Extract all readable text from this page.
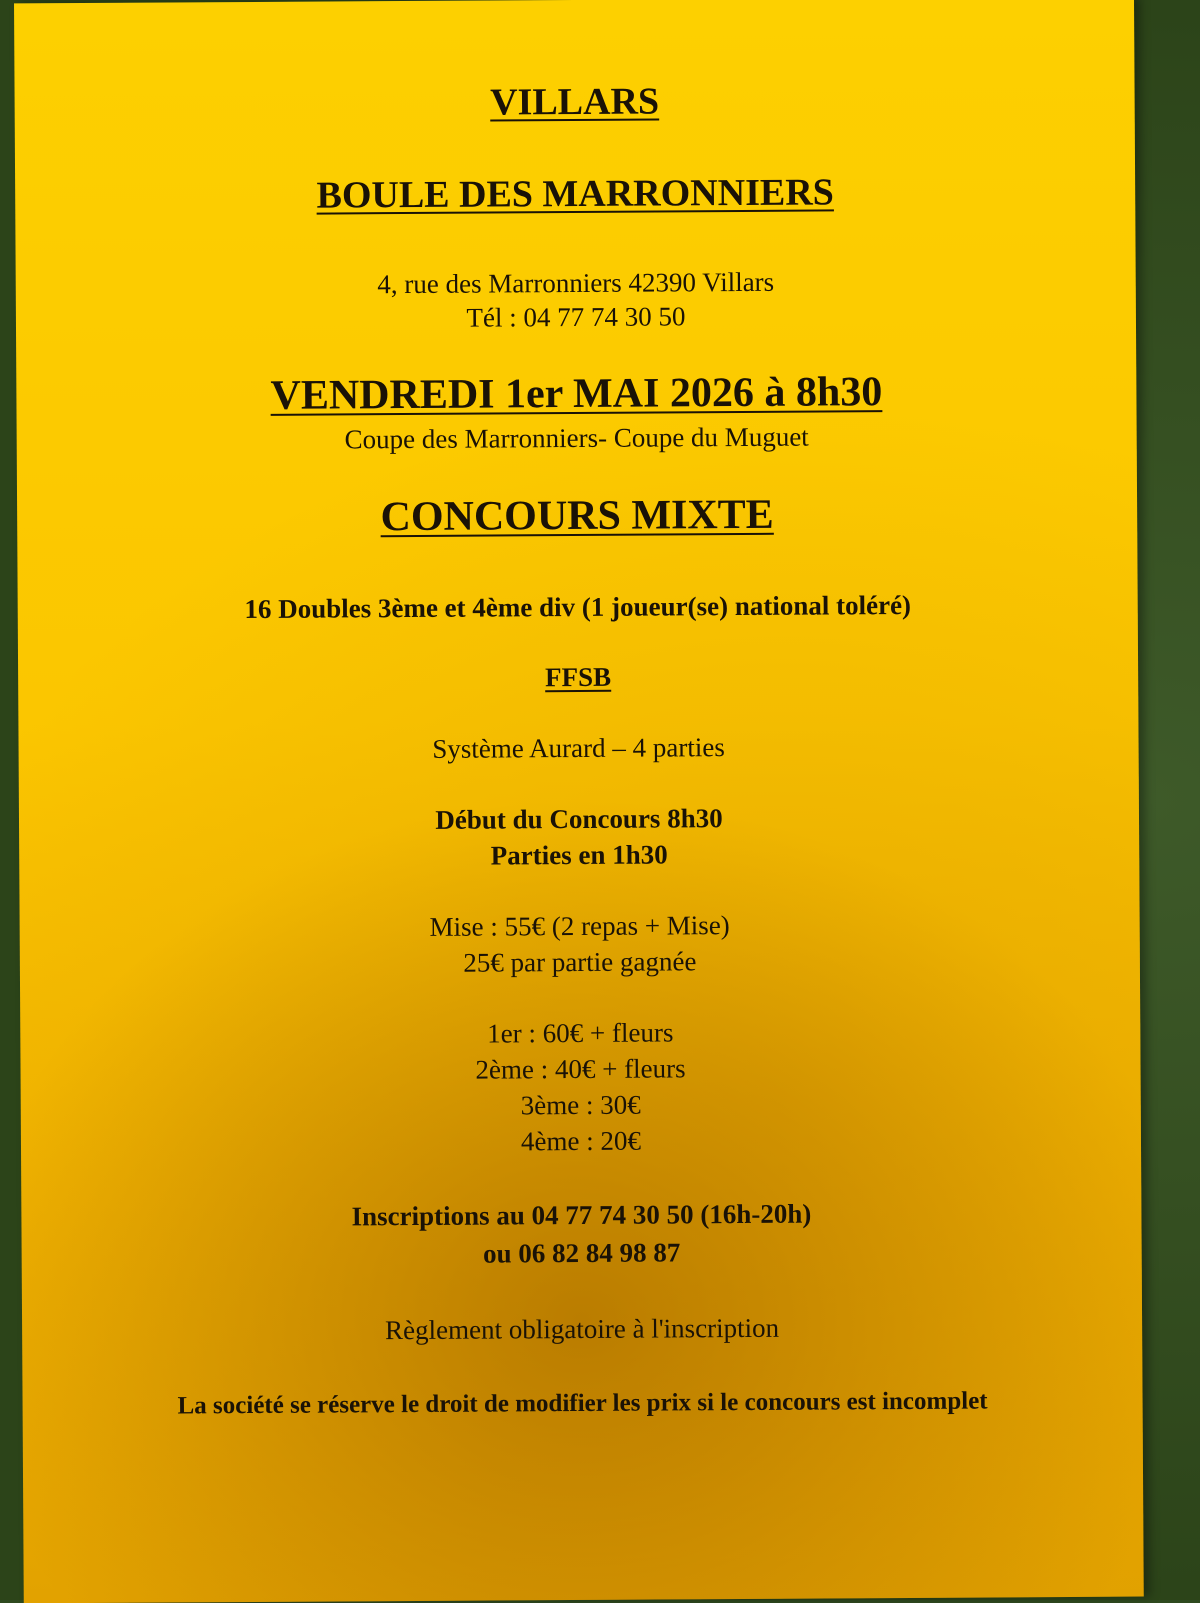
VILLARS
BOULE DES MARRONNIERS
4, rue des Marronniers 42390 Villars
Tél : 04 77 74 30 50
VENDREDI 1er MAI 2026 à 8h30
Coupe des Marronniers- Coupe du Muguet
CONCOURS MIXTE
16 Doubles 3ème et 4ème div (1 joueur(se) national toléré)
FFSB
Système Aurard – 4 parties
Début du Concours 8h30
Parties en 1h30
Mise : 55€ (2 repas + Mise)
25€ par partie gagnée
1er : 60€ + fleurs
2ème : 40€ + fleurs
3ème : 30€
4ème : 20€
Inscriptions au 04 77 74 30 50 (16h-20h)
ou 06 82 84 98 87
Règlement obligatoire à l'inscription
La société se réserve le droit de modifier les prix si le concours est incomplet
